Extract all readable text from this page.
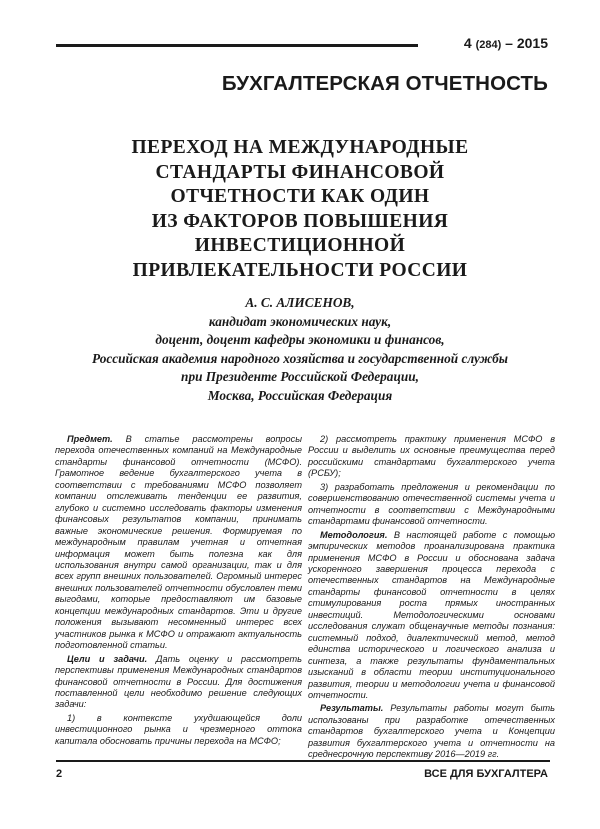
4 (284) – 2015
БУХГАЛТЕРСКАЯ ОТЧЕТНОСТЬ
ПЕРЕХОД НА МЕЖДУНАРОДНЫЕ
СТАНДАРТЫ ФИНАНСОВОЙ
ОТЧЕТНОСТИ КАК ОДИН
ИЗ ФАКТОРОВ ПОВЫШЕНИЯ
ИНВЕСТИЦИОННОЙ
ПРИВЛЕКАТЕЛЬНОСТИ РОССИИ
А. С. АЛИСЕНОВ,
кандидат экономических наук,
доцент, доцент кафедры экономики и финансов,
Российская академия народного хозяйства и государственной службы
при Президенте Российской Федерации,
Москва, Российская Федерация

Предмет. В статье рассмотрены вопросы перехода отечественных компаний на Международные стандарты финансовой отчетности (МСФО). Грамотное ведение бухгалтерского учета в соответствии с требованиями МСФО позволяет компании отслеживать тенденции ее развития, глубоко и системно исследовать факторы изменения финансовых результатов компании, принимать важные экономические решения. Формируемая по международным правилам учетная и отчетная информация может быть полезна как для использования внутри самой организации, так и для всех групп внешних пользователей. Огромный интерес внешних пользователей отчетности обусловлен теми выгодами, которые предоставляют им базовые концепции международных стандартов. Эти и другие положения вызывают несомненный интерес всех участников рынка к МСФО и отражают актуальность подготовленной статьи.

Цели и задачи. Дать оценку и рассмотреть перспективы применения Международных стандартов финансовой отчетности в России. Для достижения поставленной цели необходимо решение следующих задачи:

1) в контексте ухудшающейся доли инвестиционного рынка и чрезмерного оттока капитала обосновать причины перехода на МСФО;

2) рассмотреть практику применения МСФО в России и выделить их основные преимущества перед российскими стандартами бухгалтерского учета (РСБУ);

3) разработать предложения и рекомендации по совершенствованию отечественной системы учета и отчетности в соответствии с Международными стандартами финансовой отчетности.

Методология. В настоящей работе с помощью эмпирических методов проанализирована практика применения МСФО в России и обоснована задача ускоренного завершения процесса перехода с отечественных стандартов на Международные стандарты финансовой отчетности в целях стимулирования роста прямых иностранных инвестиций. Методологическими основами исследования служат общенаучные методы познания: системный подход, диалектический метод, метод единства исторического и логического анализа и синтеза, а также результаты фундаментальных изысканий в области теории институционального развития, теории и методологии учета и финансовой отчетности.

Результаты. Результаты работы могут быть использованы при разработке отечественных стандартов бухгалтерского учета и Концепции развития бухгалтерского учета и отчетности на среднесрочную перспективу 2016—2019 гг.

2	ВСЕ ДЛЯ БУХГАЛТЕРА
